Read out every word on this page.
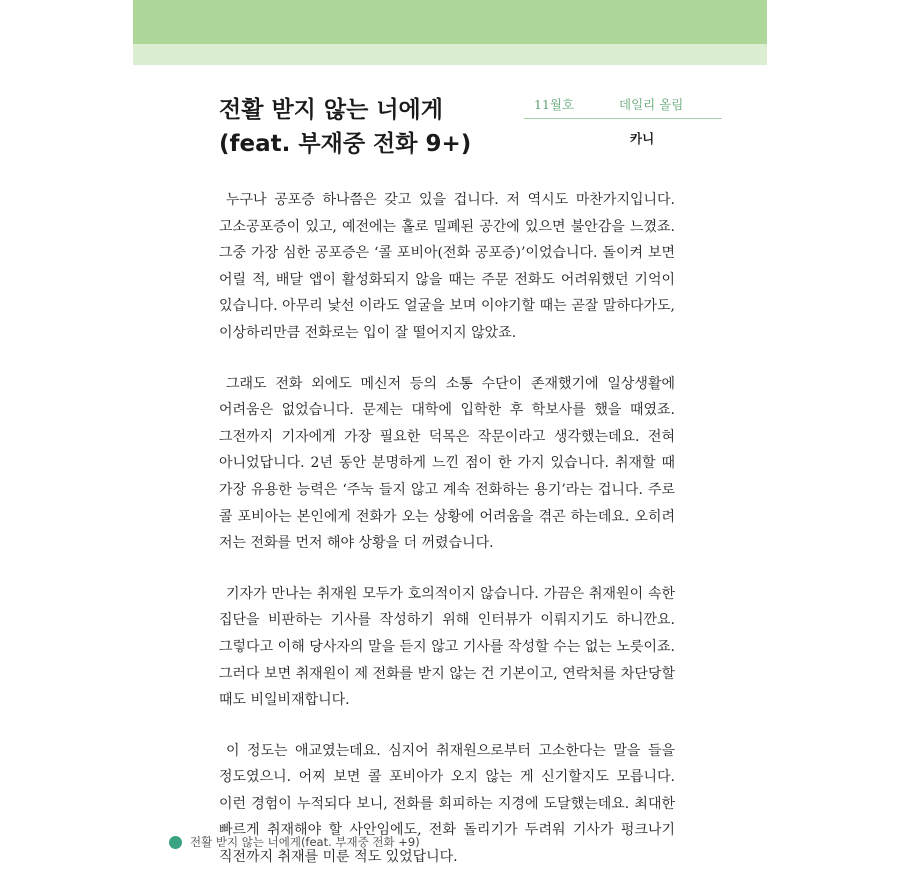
전활 받지 않는 너에게
(feat. 부재중 전화 9+)
11월호	데일리 올림
카니

누구나 공포증 하나쯤은 갖고 있을 겁니다. 저 역시도 마찬가지입니다. 고소공포증이 있고, 예전에는 홀로 밀폐된 공간에 있으면 불안감을 느꼈죠. 그중 가장 심한 공포증은 ‘콜 포비아(전화 공포증)’이었습니다. 돌이켜 보면 어릴 적, 배달 앱이 활성화되지 않을 때는 주문 전화도 어려워했던 기억이 있습니다. 아무리 낯선 이라도 얼굴을 보며 이야기할 때는 곧잘 말하다가도, 이상하리만큼 전화로는 입이 잘 떨어지지 않았죠.

그래도 전화 외에도 메신저 등의 소통 수단이 존재했기에 일상생활에 어려움은 없었습니다. 문제는 대학에 입학한 후 학보사를 했을 때였죠. 그전까지 기자에게 가장 필요한 덕목은 작문이라고 생각했는데요. 전혀 아니었답니다. 2년 동안 분명하게 느낀 점이 한 가지 있습니다. 취재할 때 가장 유용한 능력은 ‘주눅 들지 않고 계속 전화하는 용기’라는 겁니다. 주로 콜 포비아는 본인에게 전화가 오는 상황에 어려움을 겪곤 하는데요. 오히려 저는 전화를 먼저 해야 상황을 더 꺼렸습니다.

기자가 만나는 취재원 모두가 호의적이지 않습니다. 가끔은 취재원이 속한 집단을 비판하는 기사를 작성하기 위해 인터뷰가 이뤄지기도 하니깐요. 그렇다고 이해 당사자의 말을 듣지 않고 기사를 작성할 수는 없는 노릇이죠. 그러다 보면 취재원이 제 전화를 받지 않는 건 기본이고, 연락처를 차단당할 때도 비일비재합니다.

이 정도는 애교였는데요. 심지어 취재원으로부터 고소한다는 말을 들을 정도였으니. 어찌 보면 콜 포비아가 오지 않는 게 신기할지도 모릅니다. 이런 경험이 누적되다 보니, 전화를 회피하는 지경에 도달했는데요. 최대한 빠르게 취재해야 할 사안임에도, 전화 돌리기가 두려워 기사가 펑크나기 직전까지 취재를 미룬 적도 있었답니다.

전활 받지 않는 너에게(feat. 부재중 전화 +9)
